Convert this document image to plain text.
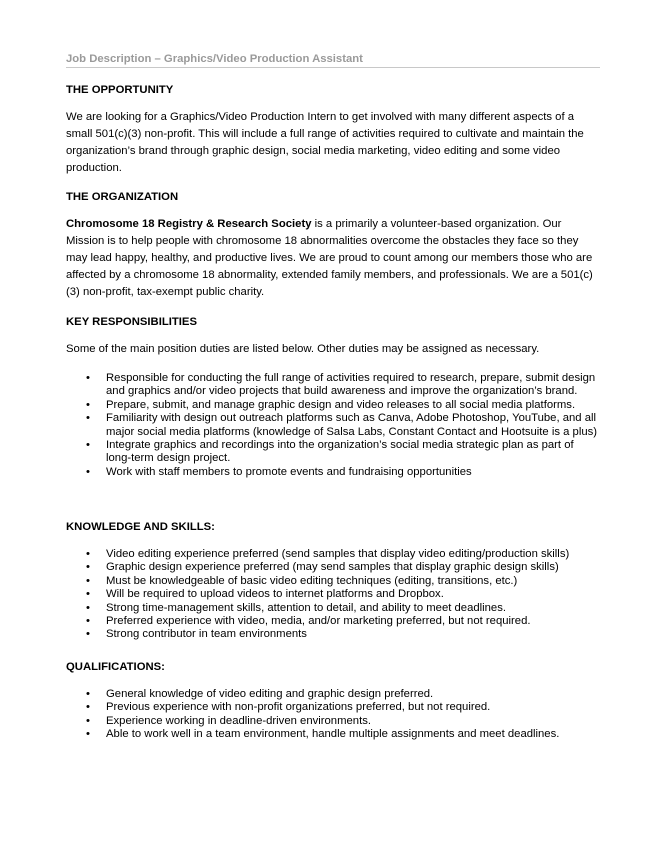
Job Description – Graphics/Video Production Assistant
THE OPPORTUNITY
We are looking for a Graphics/Video Production Intern to get involved with many different aspects of a small 501(c)(3) non-profit. This will include a full range of activities required to cultivate and maintain the organization’s brand through graphic design, social media marketing, video editing and some video production.
THE ORGANIZATION
Chromosome 18 Registry & Research Society is a primarily a volunteer-based organization. Our Mission is to help people with chromosome 18 abnormalities overcome the obstacles they face so they may lead happy, healthy, and productive lives. We are proud to count among our members those who are affected by a chromosome 18 abnormality, extended family members, and professionals. We are a 501(c)(3) non-profit, tax-exempt public charity.
KEY RESPONSIBILITIES
Some of the main position duties are listed below. Other duties may be assigned as necessary.
• Responsible for conducting the full range of activities required to research, prepare, submit design and graphics and/or video projects that build awareness and improve the organization’s brand.
• Prepare, submit, and manage graphic design and video releases to all social media platforms.
• Familiarity with design out outreach platforms such as Canva, Adobe Photoshop, YouTube, and all major social media platforms (knowledge of Salsa Labs, Constant Contact and Hootsuite is a plus)
• Integrate graphics and recordings into the organization’s social media strategic plan as part of long-term design project.
• Work with staff members to promote events and fundraising opportunities
KNOWLEDGE AND SKILLS:
• Video editing experience preferred (send samples that display video editing/production skills)
• Graphic design experience preferred (may send samples that display graphic design skills)
• Must be knowledgeable of basic video editing techniques (editing, transitions, etc.)
• Will be required to upload videos to internet platforms and Dropbox.
• Strong time-management skills, attention to detail, and ability to meet deadlines.
• Preferred experience with video, media, and/or marketing preferred, but not required.
• Strong contributor in team environments
QUALIFICATIONS:
• General knowledge of video editing and graphic design preferred.
• Previous experience with non-profit organizations preferred, but not required.
• Experience working in deadline-driven environments.
• Able to work well in a team environment, handle multiple assignments and meet deadlines.
